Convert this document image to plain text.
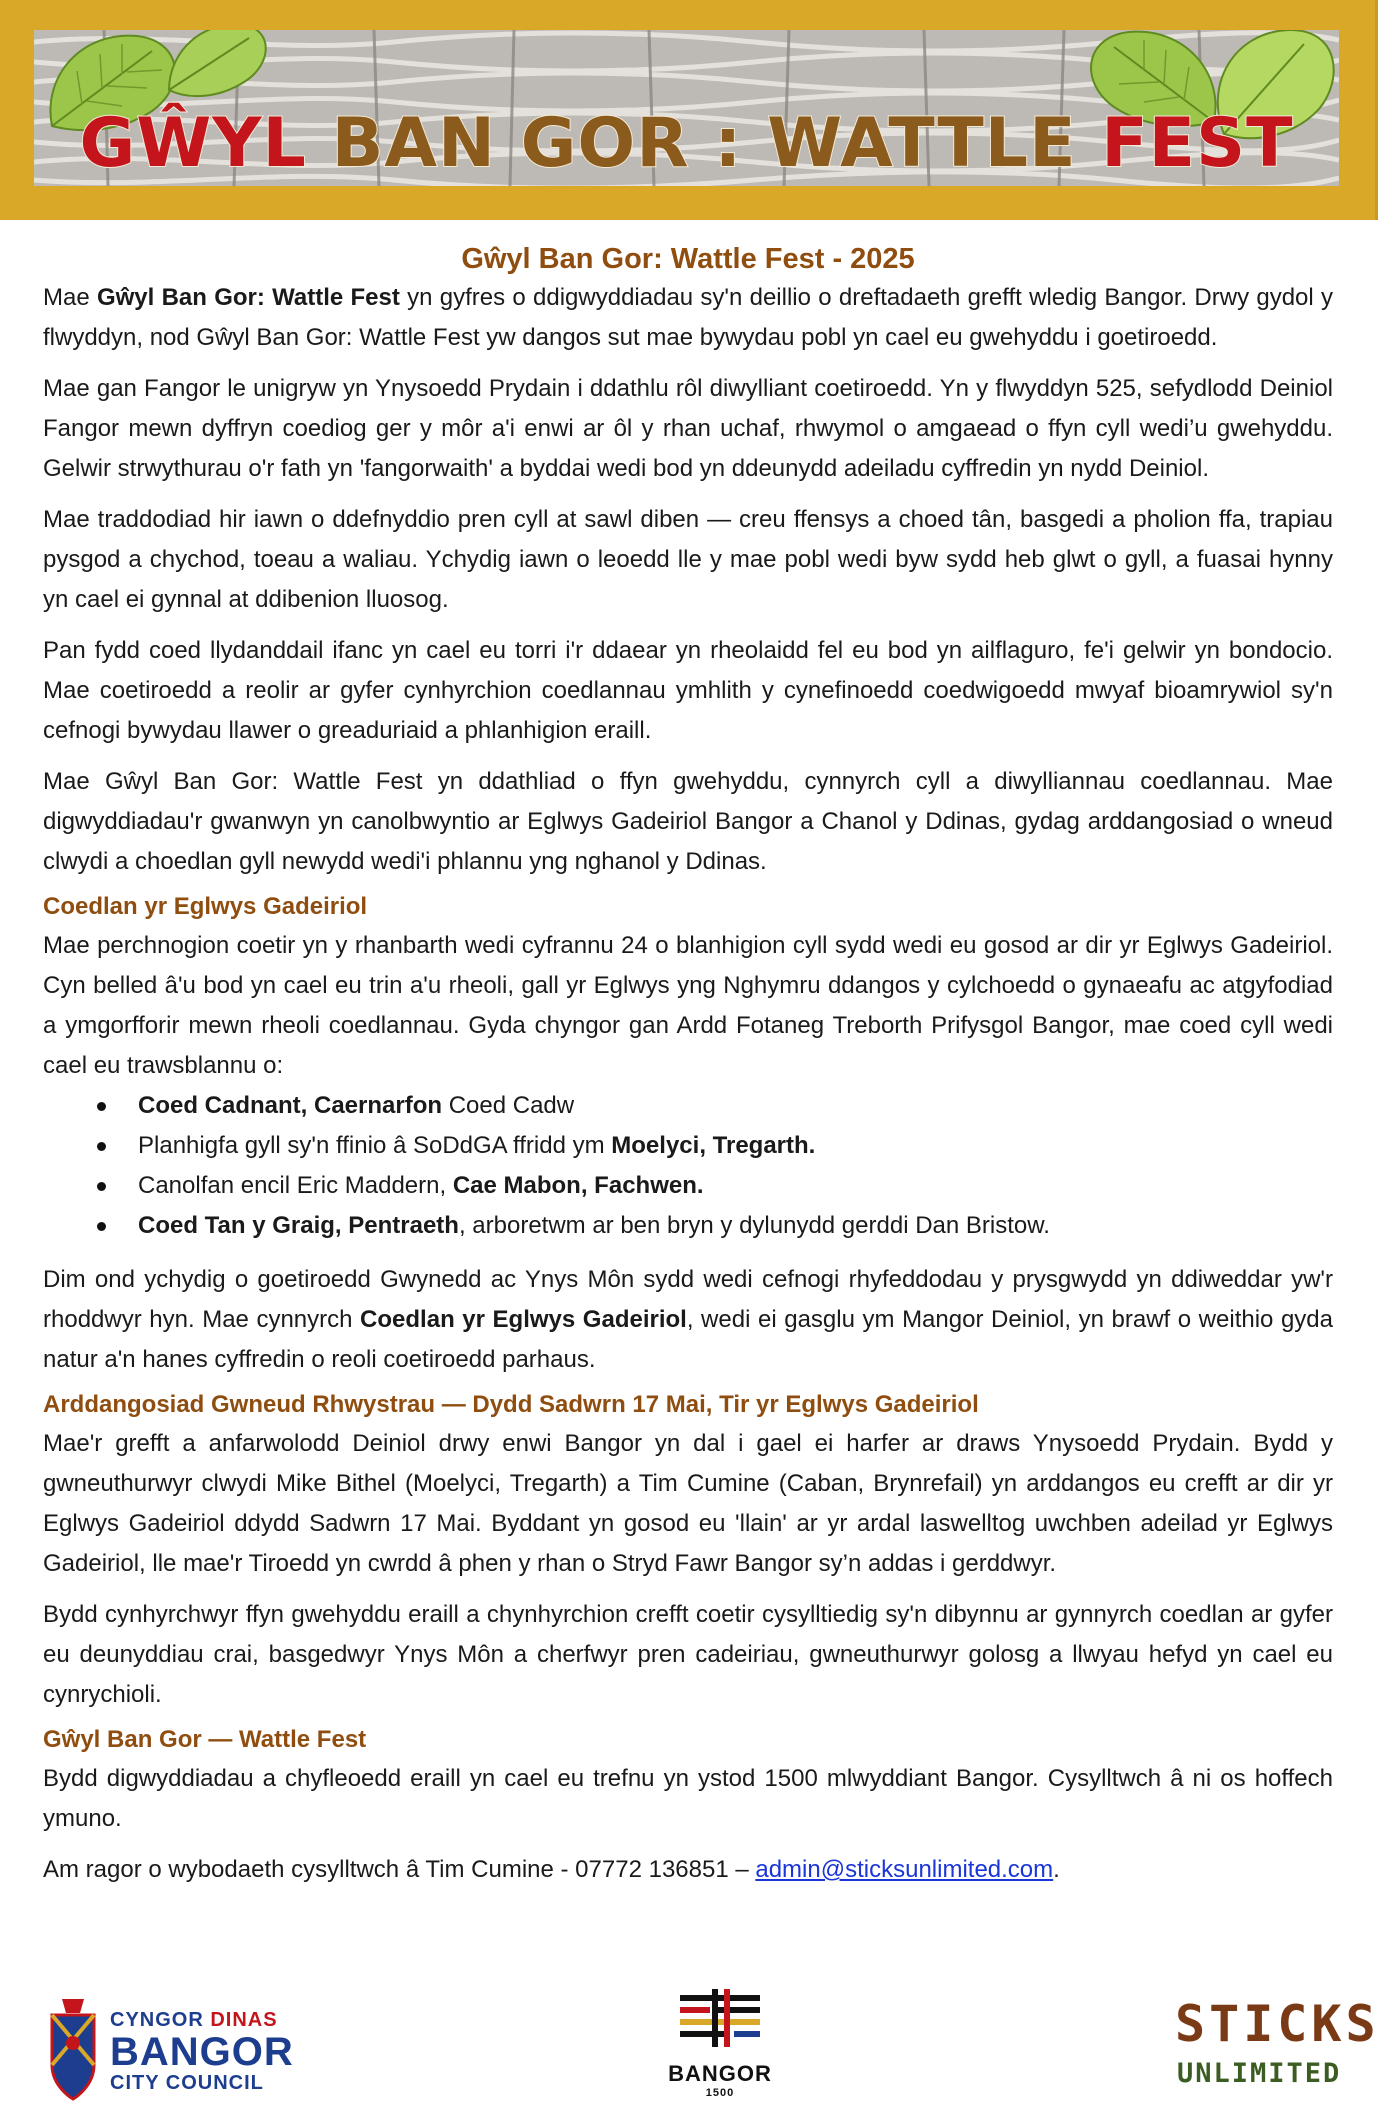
GŴYL BAN GOR : WATTLE FEST
Gŵyl Ban Gor: Wattle Fest - 2025

Mae Gŵyl Ban Gor: Wattle Fest yn gyfres o ddigwyddiadau sy'n deillio o dreftadaeth grefft wledig Bangor. Drwy gydol y flwyddyn, nod Gŵyl Ban Gor: Wattle Fest yw dangos sut mae bywydau pobl yn cael eu gwehyddu i goetiroedd.

Mae gan Fangor le unigryw yn Ynysoedd Prydain i ddathlu rôl diwylliant coetiroedd. Yn y flwyddyn 525, sefydlodd Deiniol Fangor mewn dyffryn coediog ger y môr a'i enwi ar ôl y rhan uchaf, rhwymol o amgaead o ffyn cyll wedi’u gwehyddu. Gelwir strwythurau o'r fath yn 'fangorwaith' a byddai wedi bod yn ddeunydd adeiladu cyffredin yn nydd Deiniol.

Mae traddodiad hir iawn o ddefnyddio pren cyll at sawl diben — creu ffensys a choed tân, basgedi a pholion ffa, trapiau pysgod a chychod, toeau a waliau. Ychydig iawn o leoedd lle y mae pobl wedi byw sydd heb glwt o gyll, a fuasai hynny yn cael ei gynnal at ddibenion lluosog.

Pan fydd coed llydanddail ifanc yn cael eu torri i'r ddaear yn rheolaidd fel eu bod yn ailflaguro, fe'i gelwir yn bondocio. Mae coetiroedd a reolir ar gyfer cynhyrchion coedlannau ymhlith y cynefinoedd coedwigoedd mwyaf bioamrywiol sy'n cefnogi bywydau llawer o greaduriaid a phlanhigion eraill.

Mae Gŵyl Ban Gor: Wattle Fest yn ddathliad o ffyn gwehyddu, cynnyrch cyll a diwylliannau coedlannau. Mae digwyddiadau'r gwanwyn yn canolbwyntio ar Eglwys Gadeiriol Bangor a Chanol y Ddinas, gydag arddangosiad o wneud clwydi a choedlan gyll newydd wedi'i phlannu yng nghanol y Ddinas.

Coedlan yr Eglwys Gadeiriol

Mae perchnogion coetir yn y rhanbarth wedi cyfrannu 24 o blanhigion cyll sydd wedi eu gosod ar dir yr Eglwys Gadeiriol. Cyn belled â'u bod yn cael eu trin a'u rheoli, gall yr Eglwys yng Nghymru ddangos y cylchoedd o gynaeafu ac atgyfodiad a ymgorfforir mewn rheoli coedlannau. Gyda chyngor gan Ardd Fotaneg Treborth Prifysgol Bangor, mae coed cyll wedi cael eu trawsblannu o:

Coed Cadnant, Caernarfon Coed Cadw
Planhigfa gyll sy'n ffinio â SoDdGA ffridd ym Moelyci, Tregarth.
Canolfan encil Eric Maddern, Cae Mabon, Fachwen.
Coed Tan y Graig, Pentraeth, arboretwm ar ben bryn y dylunydd gerddi Dan Bristow.

Dim ond ychydig o goetiroedd Gwynedd ac Ynys Môn sydd wedi cefnogi rhyfeddodau y prysgwydd yn ddiweddar yw'r rhoddwyr hyn. Mae cynnyrch Coedlan yr Eglwys Gadeiriol, wedi ei gasglu ym Mangor Deiniol, yn brawf o weithio gyda natur a'n hanes cyffredin o reoli coetiroedd parhaus.

Arddangosiad Gwneud Rhwystrau — Dydd Sadwrn 17 Mai, Tir yr Eglwys Gadeiriol

Mae'r grefft a anfarwolodd Deiniol drwy enwi Bangor yn dal i gael ei harfer ar draws Ynysoedd Prydain. Bydd y gwneuthurwyr clwydi Mike Bithel (Moelyci, Tregarth) a Tim Cumine (Caban, Brynrefail) yn arddangos eu crefft ar dir yr Eglwys Gadeiriol ddydd Sadwrn 17 Mai. Byddant yn gosod eu 'llain' ar yr ardal laswelltog uwchben adeilad yr Eglwys Gadeiriol, lle mae'r Tiroedd yn cwrdd â phen y rhan o Stryd Fawr Bangor sy’n addas i gerddwyr.

Bydd cynhyrchwyr ffyn gwehyddu eraill a chynhyrchion crefft coetir cysylltiedig sy'n dibynnu ar gynnyrch coedlan ar gyfer eu deunyddiau crai, basgedwyr Ynys Môn a cherfwyr pren cadeiriau, gwneuthurwyr golosg a llwyau hefyd yn cael eu cynrychioli.

Gŵyl Ban Gor — Wattle Fest

Bydd digwyddiadau a chyfleoedd eraill yn cael eu trefnu yn ystod 1500 mlwyddiant Bangor. Cysylltwch â ni os hoffech ymuno.

Am ragor o wybodaeth cysylltwch â Tim Cumine - 07772 136851 – admin@sticksunlimited.com.

CYNGOR DINAS
BANGOR
CITY COUNCIL	BANGOR
1500
STICKS
UNLIMITED
